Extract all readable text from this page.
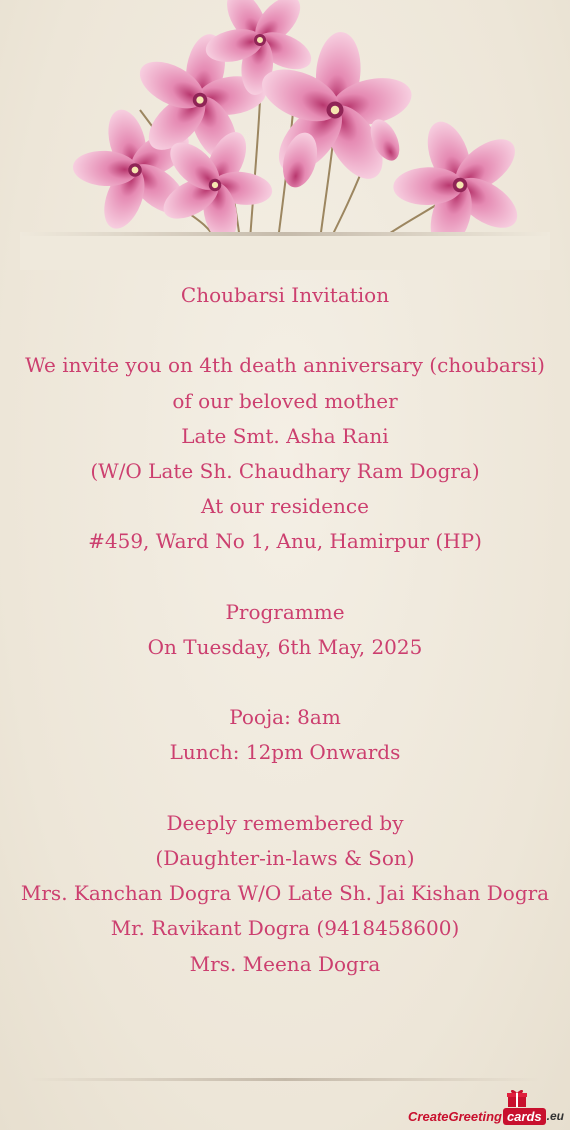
Choubarsi Invitation
We invite you on 4th death anniversary (choubarsi)
of our beloved mother
Late Smt. Asha Rani
(W/O Late Sh. Chaudhary Ram Dogra)
At our residence
#459, Ward No 1, Anu, Hamirpur (HP)
Programme
On Tuesday, 6th May, 2025
Pooja: 8am
Lunch: 12pm Onwards
Deeply remembered by
(Daughter-in-laws & Son)
Mrs. Kanchan Dogra W/O Late Sh. Jai Kishan Dogra
Mr. Ravikant Dogra (9418458600)
Mrs. Meena Dogra
CreateGreeting cards .eu
